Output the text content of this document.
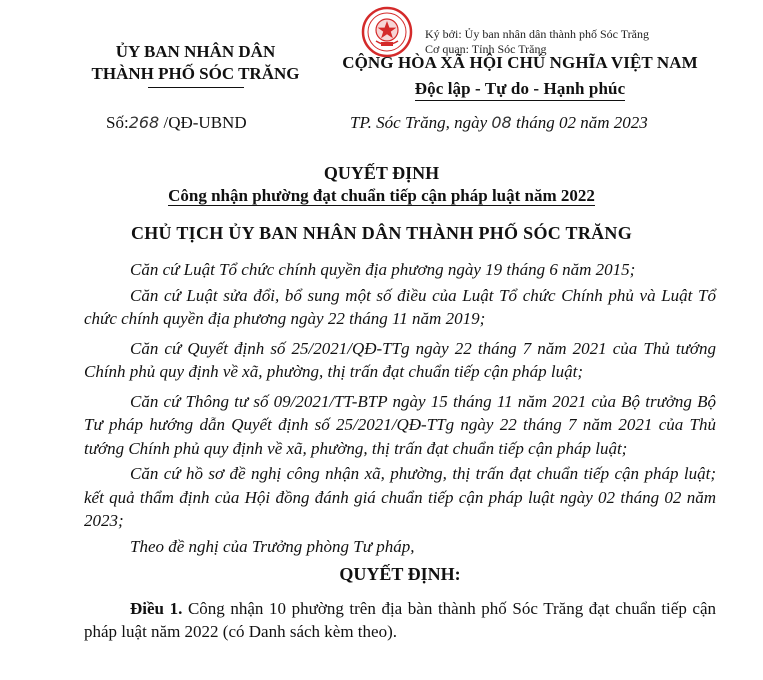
Ký bởi: Ủy ban nhân dân thành phố Sóc Trăng
Cơ quan: Tỉnh Sóc Trăng
ỦY BAN NHÂN DÂN
THÀNH PHỐ SÓC TRĂNG
CỘNG HÒA XÃ HỘI CHỦ NGHĨA VIỆT NAM
Độc lập - Tự do - Hạnh phúc
Số:268 /QĐ-UBND	TP. Sóc Trăng, ngày 08 tháng 02 năm 2023
QUYẾT ĐỊNH
Công nhận phường đạt chuẩn tiếp cận pháp luật năm 2022
CHỦ TỊCH ỦY BAN NHÂN DÂN THÀNH PHỐ SÓC TRĂNG

Căn cứ Luật Tổ chức chính quyền địa phương ngày 19 tháng 6 năm 2015;

Căn cứ Luật sửa đổi, bổ sung một số điều của Luật Tổ chức Chính phủ và Luật Tổ chức chính quyền địa phương ngày 22 tháng 11 năm 2019;

Căn cứ Quyết định số 25/2021/QĐ-TTg ngày 22 tháng 7 năm 2021 của Thủ tướng Chính phủ quy định về xã, phường, thị trấn đạt chuẩn tiếp cận pháp luật;

Căn cứ Thông tư số 09/2021/TT-BTP ngày 15 tháng 11 năm 2021 của Bộ trưởng Bộ Tư pháp hướng dẫn Quyết định số 25/2021/QĐ-TTg ngày 22 tháng 7 năm 2021 của Thủ tướng Chính phủ quy định về xã, phường, thị trấn đạt chuẩn tiếp cận pháp luật;

Căn cứ hồ sơ đề nghị công nhận xã, phường, thị trấn đạt chuẩn tiếp cận pháp luật; kết quả thẩm định của Hội đồng đánh giá chuẩn tiếp cận pháp luật ngày 02 tháng 02 năm 2023;

Theo đề nghị của Trưởng phòng Tư pháp,

QUYẾT ĐỊNH:

Điều 1. Công nhận 10 phường trên địa bàn thành phố Sóc Trăng đạt chuẩn tiếp cận pháp luật năm 2022 (có Danh sách kèm theo).
